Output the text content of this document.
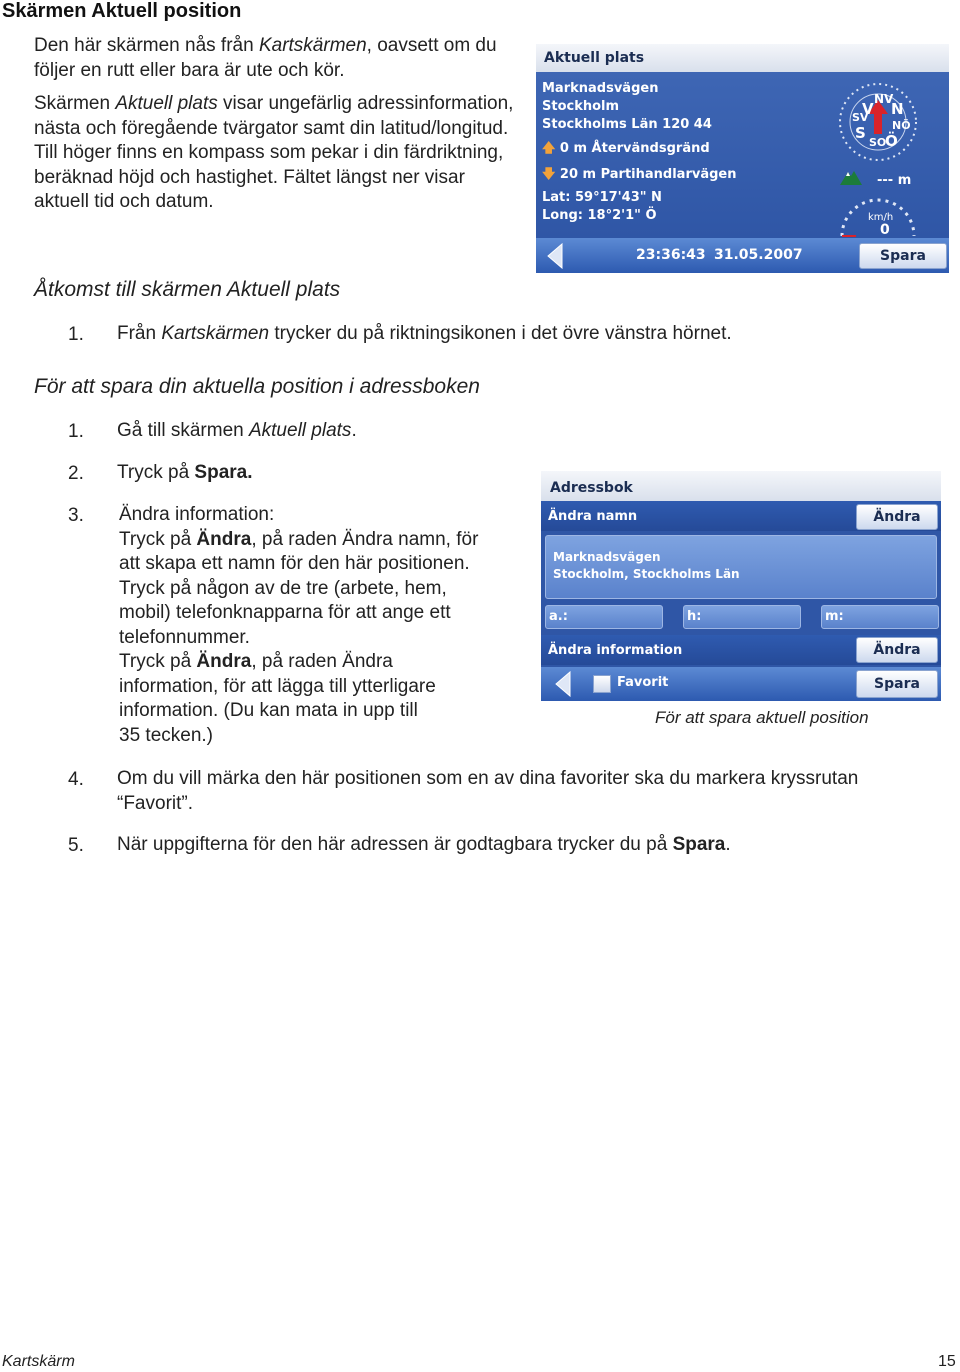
Skärmen Aktuell position
Den här skärmen nås från Kartskärmen, oavsett om du följer en rutt eller bara är ute och kör.
Skärmen Aktuell plats visar ungefärlig adressinformation, nästa och föregående tvärgator samt din latitud/longitud. Till höger finns en kompass som pekar i din färdriktning, beräknad höjd och hastighet. Fältet längst ner visar aktuell tid och datum.
Aktuell plats
Marknadsvägen
Stockholm
Stockholms Län 120 44
🡅 0 m Återvändsgränd
🡇 20 m Partihandlarvägen
Lat: 59°17'43" N
Long: 18°2'1" Ö
NV
N
V
NÖ
SV
S
SO
Ö
--- m
km/h
0
23:36:43 31.05.2007	Spara
Åtkomst till skärmen Aktuell plats
1. Från Kartskärmen trycker du på riktningsikonen i det övre vänstra hörnet.
För att spara din aktuella position i adressboken
1. Gå till skärmen Aktuell plats.
2. Tryck på Spara.
3. Ändra information:
Tryck på Ändra, på raden Ändra namn, för
att skapa ett namn för den här positionen.
Tryck på någon av de tre (arbete, hem,
mobil) telefonknapparna för att ange ett
telefonnummer.
Tryck på Ändra, på raden Ändra
information, för att lägga till ytterligare
information. (Du kan mata in upp till
35 tecken.)
Adressbok
Ändra namn	Ändra
Marknadsvägen
Stockholm, Stockholms Län
a.:	h:	m:
Ändra information	Ändra
Favorit	Spara
För att spara aktuell position
4. Om du vill märka den här positionen som en av dina favoriter ska du markera kryssrutan
“Favorit”.
5. När uppgifterna för den här adressen är godtagbara trycker du på Spara.
Kartskärm	15
